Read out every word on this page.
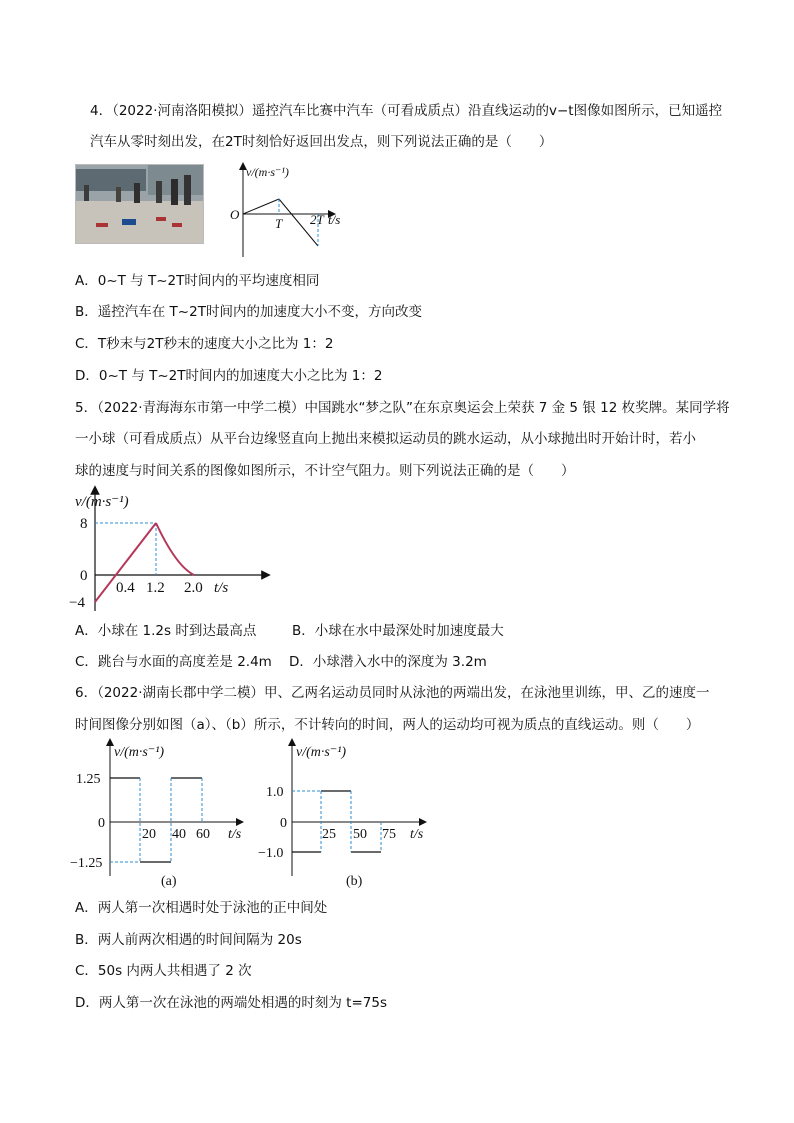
4．（2022·河南洛阳模拟）遥控汽车比赛中汽车（可看成质点）沿直线运动的v−t图像如图所示，已知遥控
汽车从零时刻出发，在2T时刻恰好返回出发点，则下列说法正确的是（　　）
v/(m·s⁻¹)
O
T 2T t/s
A．0~T 与 T~2T时间内的平均速度相同
B．遥控汽车在 T~2T时间内的加速度大小不变，方向改变
C．T秒末与2T秒末的速度大小之比为 1：2
D．0~T 与 T~2T时间内的加速度大小之比为 1：2
5．（2022·青海海东市第一中学二模）中国跳水“梦之队”在东京奥运会上荣获 7 金 5 银 12 枚奖牌。某同学将
一小球（可看成质点）从平台边缘竖直向上抛出来模拟运动员的跳水运动，从小球抛出时开始计时，若小
球的速度与时间关系的图像如图所示，不计空气阻力。则下列说法正确的是（　　）
v/(m·s⁻¹)
8
0
−4
0.4 1.2 2.0 t/s
A．小球在 1.2s 时到达最高点	B．小球在水中最深处时加速度最大
C．跳台与水面的高度差是 2.4m D．小球潜入水中的深度为 3.2m
6．（2022·湖南长郡中学二模）甲、乙两名运动员同时从泳池的两端出发，在泳池里训练，甲、乙的速度一
时间图像分别如图（a）、（b）所示，不计转向的时间，两人的运动均可视为质点的直线运动。则（　　）
v/(m·s⁻¹)
1.25
0
−1.25
20 40 60 t/s
(a)
v/(m·s⁻¹)
1.0
0
−1.0
25 50 75 t/s
(b)
A．两人第一次相遇时处于泳池的正中间处
B．两人前两次相遇的时间间隔为 20s
C．50s 内两人共相遇了 2 次
D．两人第一次在泳池的两端处相遇的时刻为 t=75s
